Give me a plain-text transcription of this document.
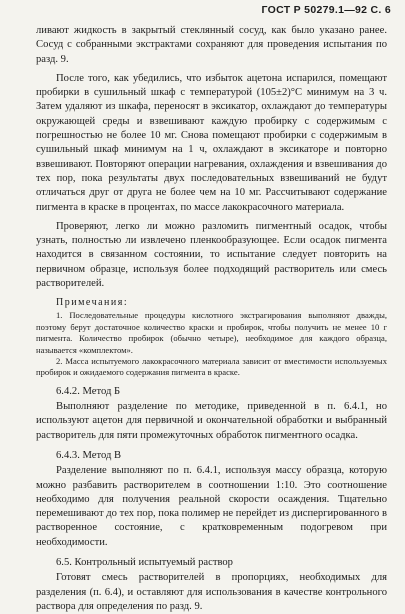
ГОСТ Р 50279.1—92 С. 6

ливают жидкость в закрытый стеклянный сосуд, как было указано ранее. Сосуд с собранными экстрактами сохраняют для проведения испытания по разд. 9.

После того, как убедились, что избыток ацетона испарился, помещают пробирки в сушильный шкаф с температурой (105±2)°С минимум на 3 ч. Затем удаляют из шкафа, переносят в эксикатор, охлаждают до температуры окружающей среды и взвешивают каждую пробирку с содержимым с погрешностью не более 10 мг. Снова помещают пробирки с содержимым в сушильный шкаф минимум на 1 ч, охлаждают в эксикаторе и повторно взвешивают. Повторяют операции нагревания, охлаждения и взвешивания до тех пор, пока результаты двух последовательных взвешиваний не будут отличаться друг от друга не более чем на 10 мг. Рассчитывают содержание пигмента в краске в процентах, по массе лакокрасочного материала.

Проверяют, легко ли можно разломить пигментный осадок, чтобы узнать, полностью ли извлечено пленкообразующее. Если осадок пигмента находится в связанном состоянии, то испытание следует повторить на первичном образце, используя более подходящий растворитель или смесь растворителей.

Примечания:

1. Последовательные процедуры кислотного экстрагирования выполняют дважды, поэтому берут достаточное количество краски и пробирок, чтобы получить не менее 10 г пигмента. Количество пробирок (обычно четыре), необходимое для каждого образца, называется «комплектом».

2. Масса испытуемого лакокрасочного материала зависит от вместимости используемых пробирок и ожидаемого содержания пигмента в краске.

6.4.2. Метод Б

Выполняют разделение по методике, приведенной в п. 6.4.1, но используют ацетон для первичной и окончательной обработки и выбранный растворитель для пяти промежуточных обработок пигментного осадка.

6.4.3. Метод В

Разделение выполняют по п. 6.4.1, используя массу образца, которую можно разбавить растворителем в соотношении 1:10. Это соотношение необходимо для получения реальной скорости осаждения. Тщательно перемешивают до тех пор, пока полимер не перейдет из диспергированного в растворенное состояние, с кратковременным подогревом при необходимости.

6.5. Контрольный испытуемый раствор

Готовят смесь растворителей в пропорциях, необходимых для разделения (п. 6.4), и оставляют для использования в качестве контрольного раствора для определения по разд. 9.
